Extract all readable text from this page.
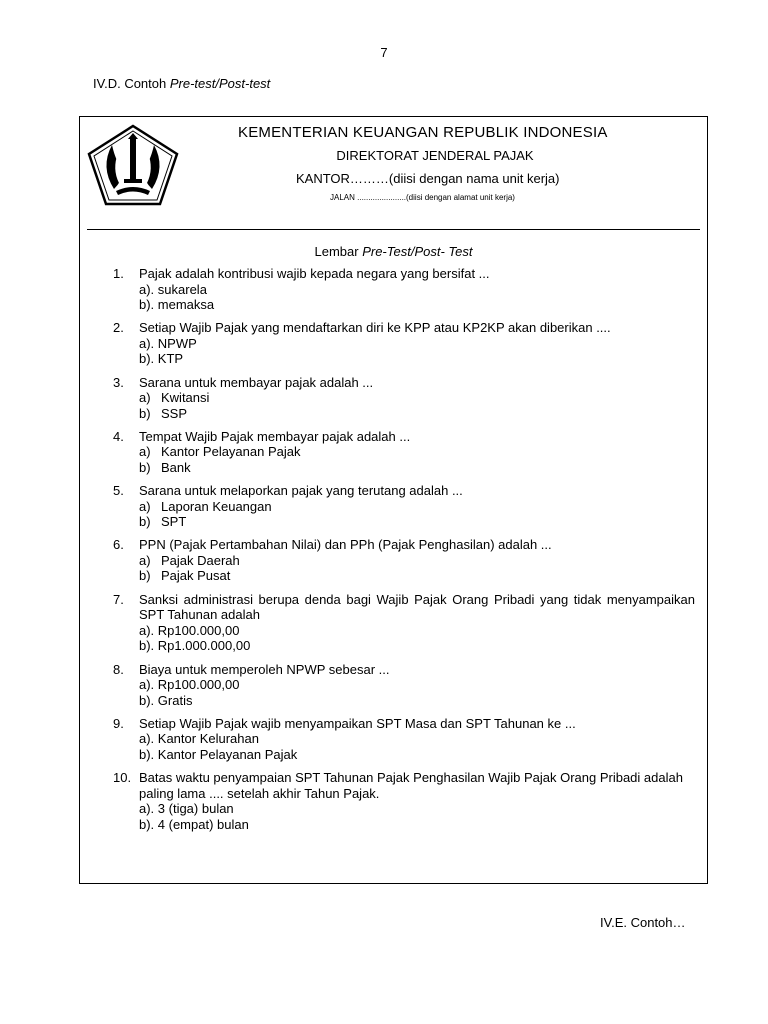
7
IV.D. Contoh Pre-test/Post-test
KEMENTERIAN KEUANGAN REPUBLIK INDONESIA
DIREKTORAT JENDERAL PAJAK
KANTOR………(diisi dengan nama unit kerja)
JALAN ......................(diisi dengan alamat unit kerja)
Lembar Pre-Test/Post- Test
1.	Pajak adalah kontribusi wajib kepada negara yang bersifat ...
a). sukarela
b). memaksa
2.	Setiap Wajib Pajak yang mendaftarkan diri ke KPP atau KP2KP akan diberikan ....
a). NPWP
b). KTP
3.	Sarana untuk membayar pajak adalah ...
a) Kwitansi
b) SSP
4.	Tempat Wajib Pajak membayar pajak adalah ...
a) Kantor Pelayanan Pajak
b) Bank
5.	Sarana untuk melaporkan pajak yang terutang adalah ...
a) Laporan Keuangan
b) SPT
6.	PPN (Pajak Pertambahan Nilai) dan PPh (Pajak Penghasilan) adalah ...
a) Pajak Daerah
b) Pajak Pusat
7.	Sanksi administrasi berupa denda bagi Wajib Pajak Orang Pribadi yang tidak menyampaikan SPT Tahunan adalah
a). Rp100.000,00
b). Rp1.000.000,00
8.	Biaya untuk memperoleh NPWP sebesar ...
a). Rp100.000,00
b). Gratis
9.	Setiap Wajib Pajak wajib menyampaikan SPT Masa dan SPT Tahunan ke ...
a). Kantor Kelurahan
b). Kantor Pelayanan Pajak
10. Batas waktu penyampaian SPT Tahunan Pajak Penghasilan Wajib Pajak Orang Pribadi adalah paling lama .... setelah akhir Tahun Pajak.
a). 3 (tiga) bulan
b). 4 (empat) bulan
IV.E. Contoh…
